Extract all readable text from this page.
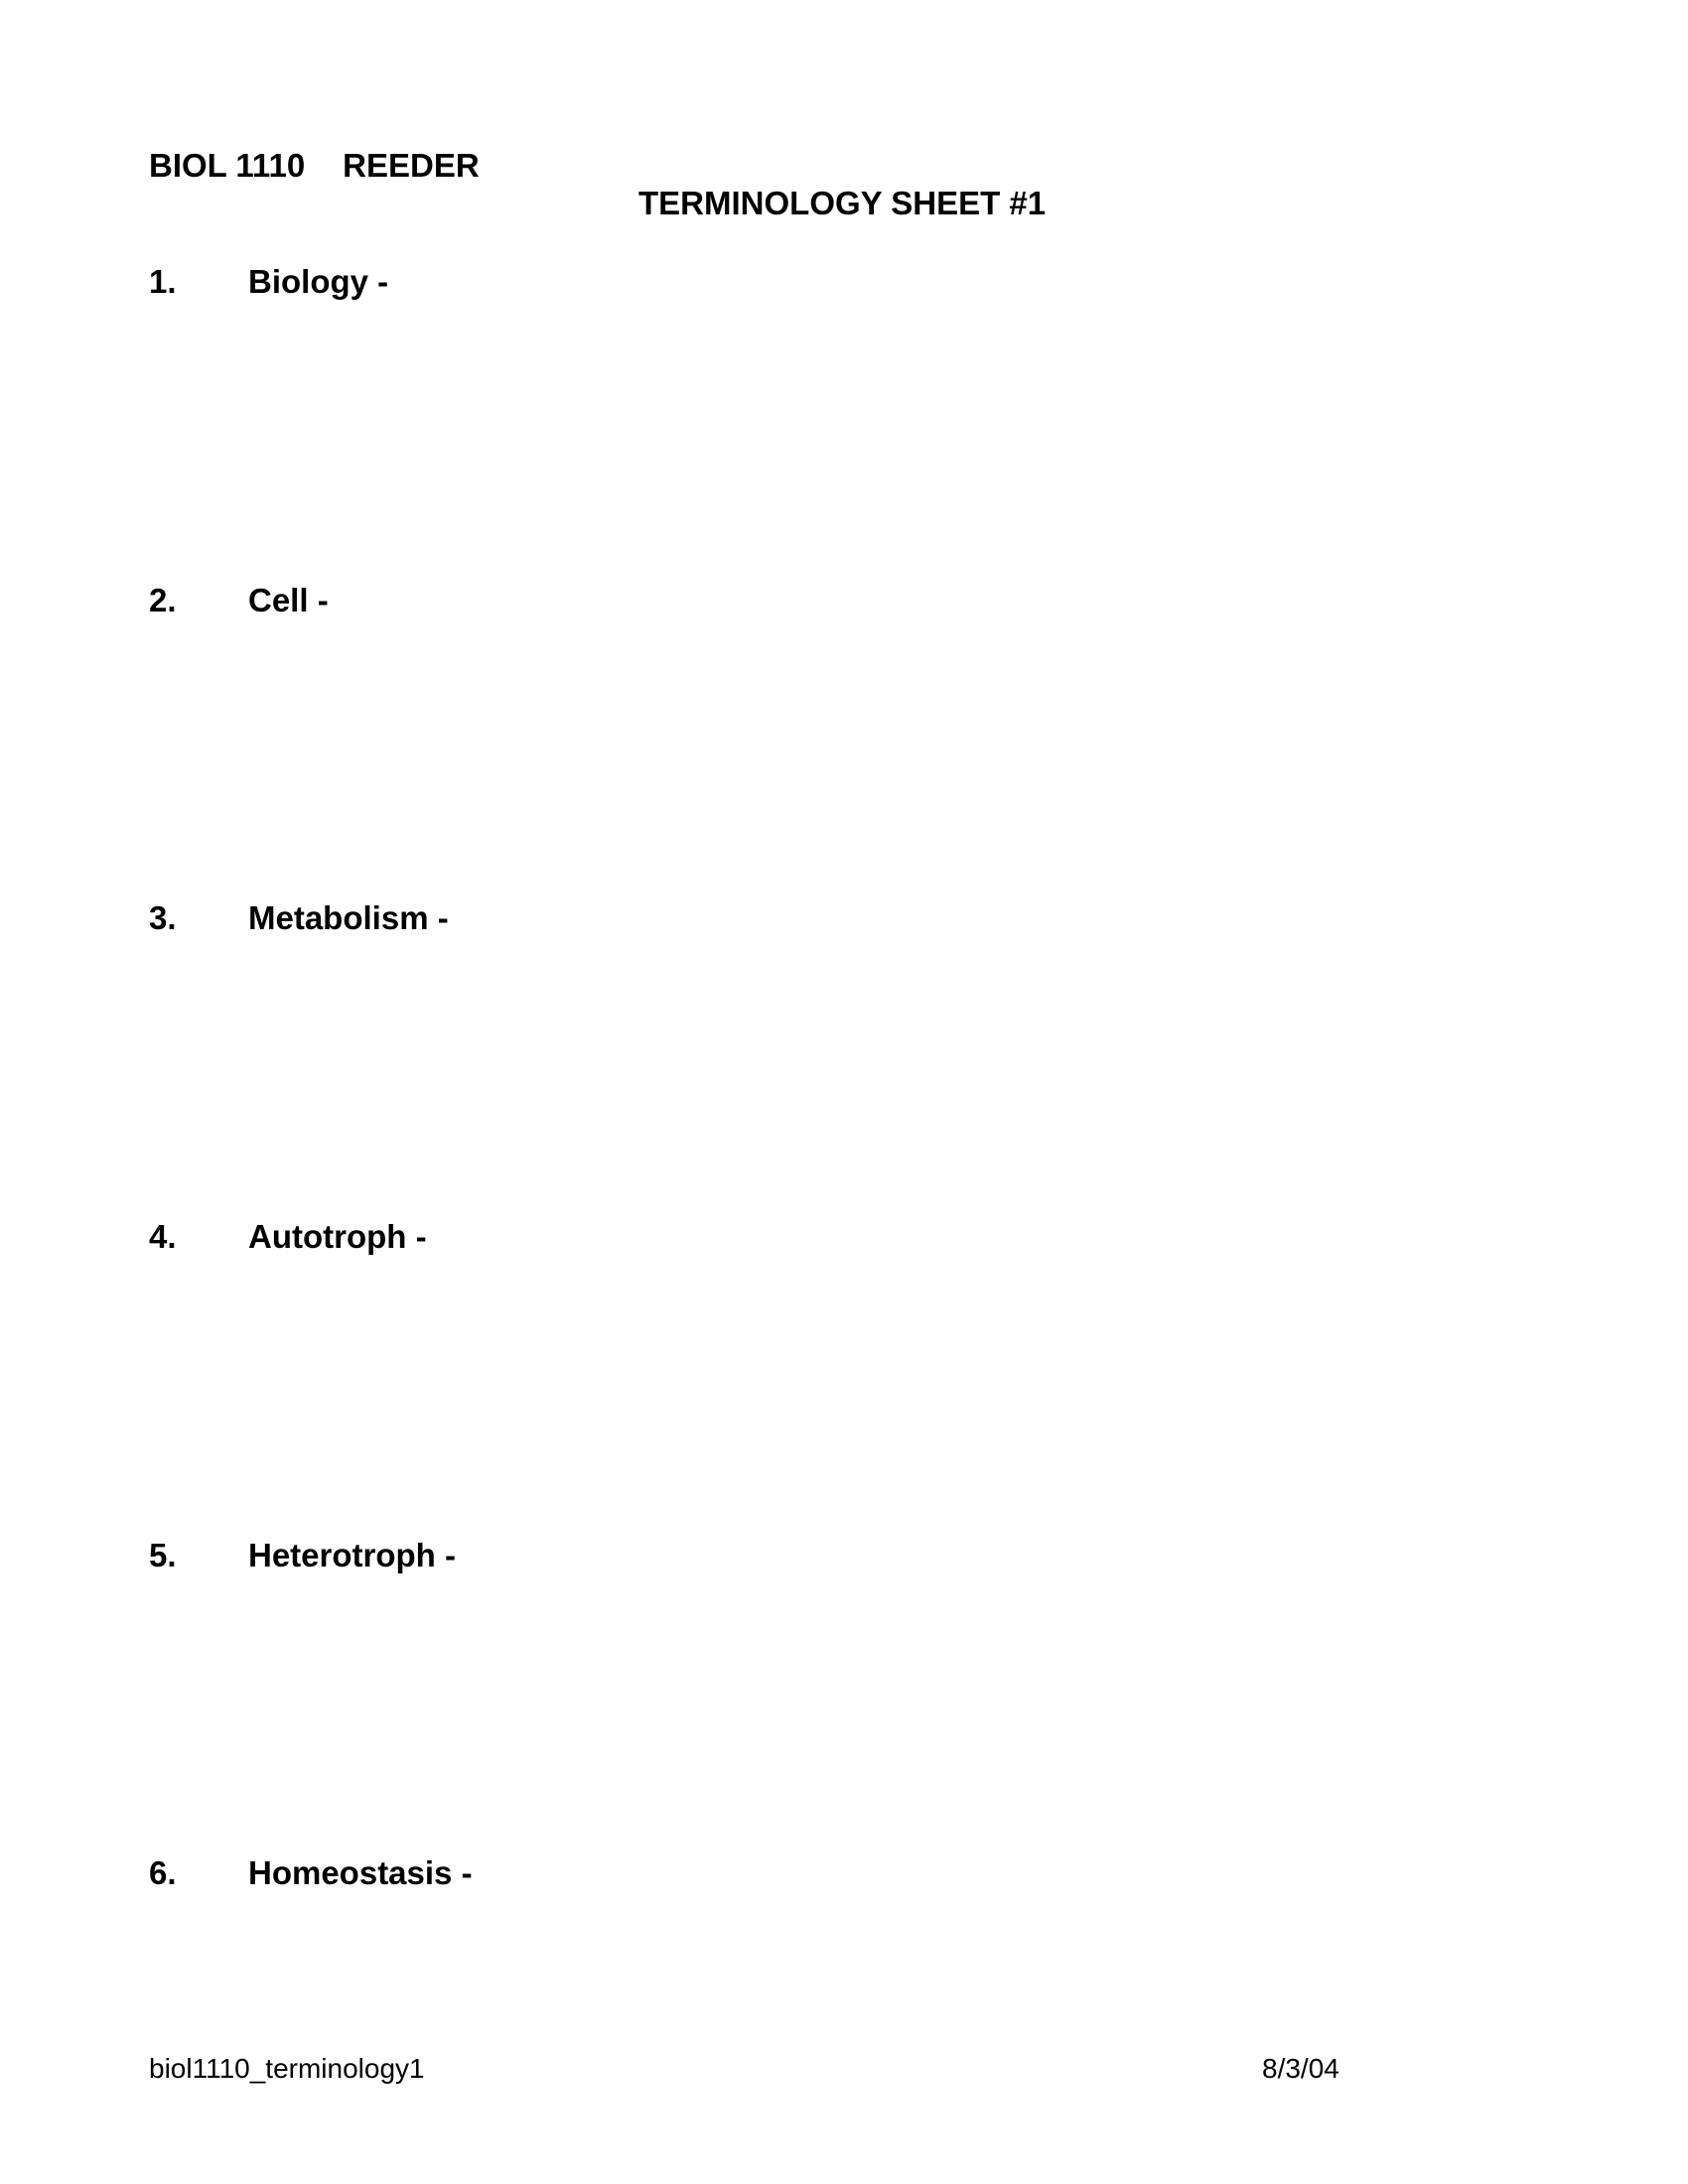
BIOL 1110 REEDER
TERMINOLOGY SHEET #1
1. Biology -
2. Cell -
3. Metabolism -
4. Autotroph -
5. Heterotroph -
6. Homeostasis -
biol1110_terminology1	8/3/04
